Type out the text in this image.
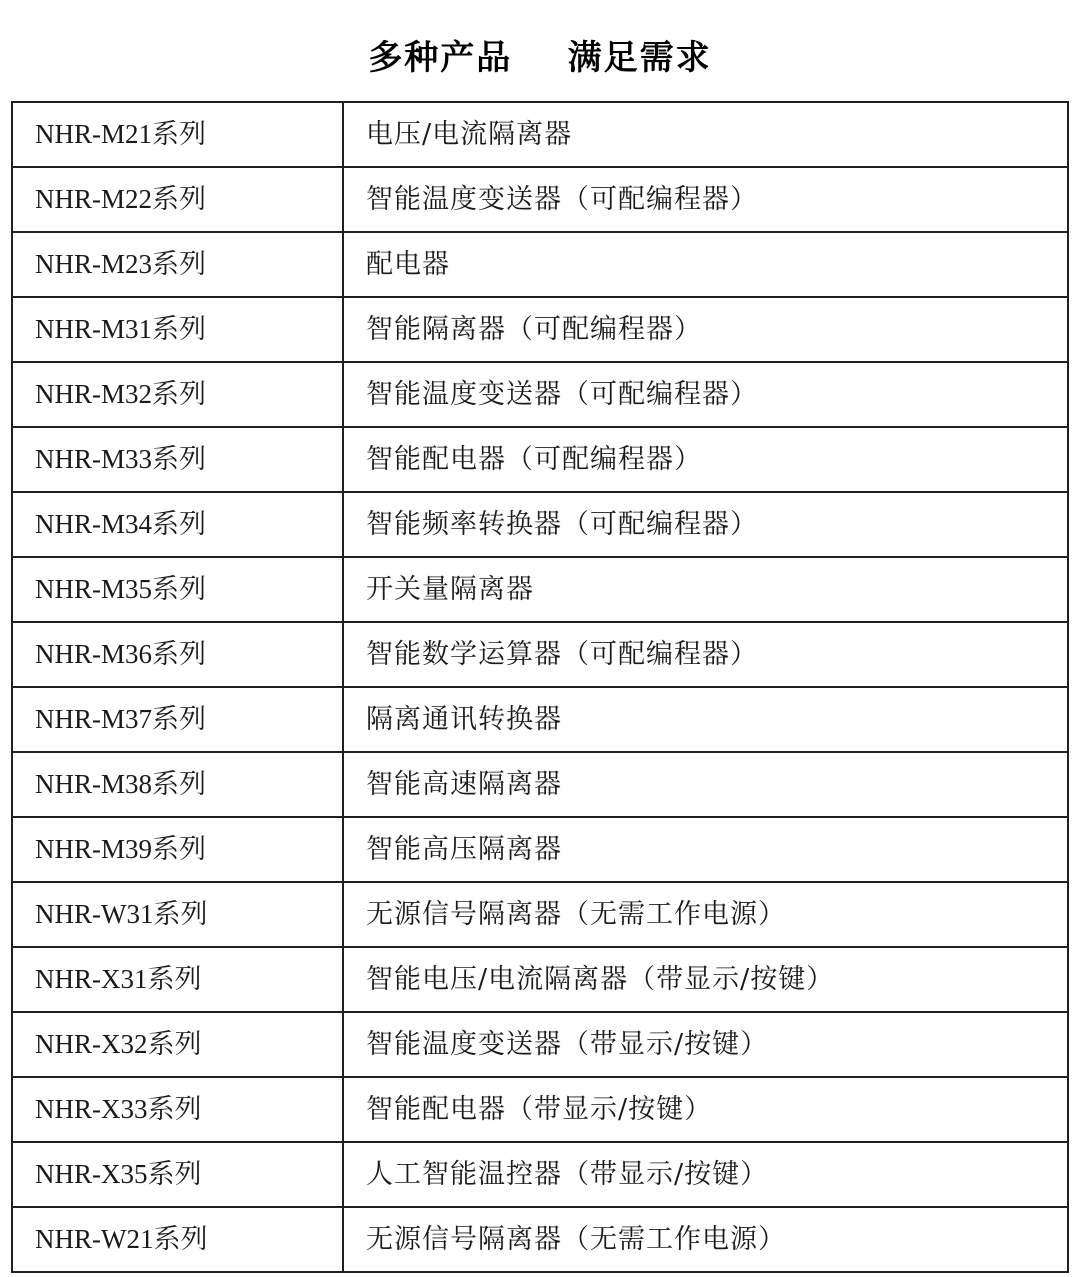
多种产品    满足需求
NHR-M21系列	电压/电流隔离器
NHR-M22系列	智能温度变送器（可配编程器）
NHR-M23系列	配电器
NHR-M31系列	智能隔离器（可配编程器）
NHR-M32系列	智能温度变送器（可配编程器）
NHR-M33系列	智能配电器（可配编程器）
NHR-M34系列	智能频率转换器（可配编程器）
NHR-M35系列	开关量隔离器
NHR-M36系列	智能数学运算器（可配编程器）
NHR-M37系列	隔离通讯转换器
NHR-M38系列	智能高速隔离器
NHR-M39系列	智能高压隔离器
NHR-W31系列	无源信号隔离器（无需工作电源）
NHR-X31系列	智能电压/电流隔离器（带显示/按键）
NHR-X32系列	智能温度变送器（带显示/按键）
NHR-X33系列	智能配电器（带显示/按键）
NHR-X35系列	人工智能温控器（带显示/按键）
NHR-W21系列	无源信号隔离器（无需工作电源）
